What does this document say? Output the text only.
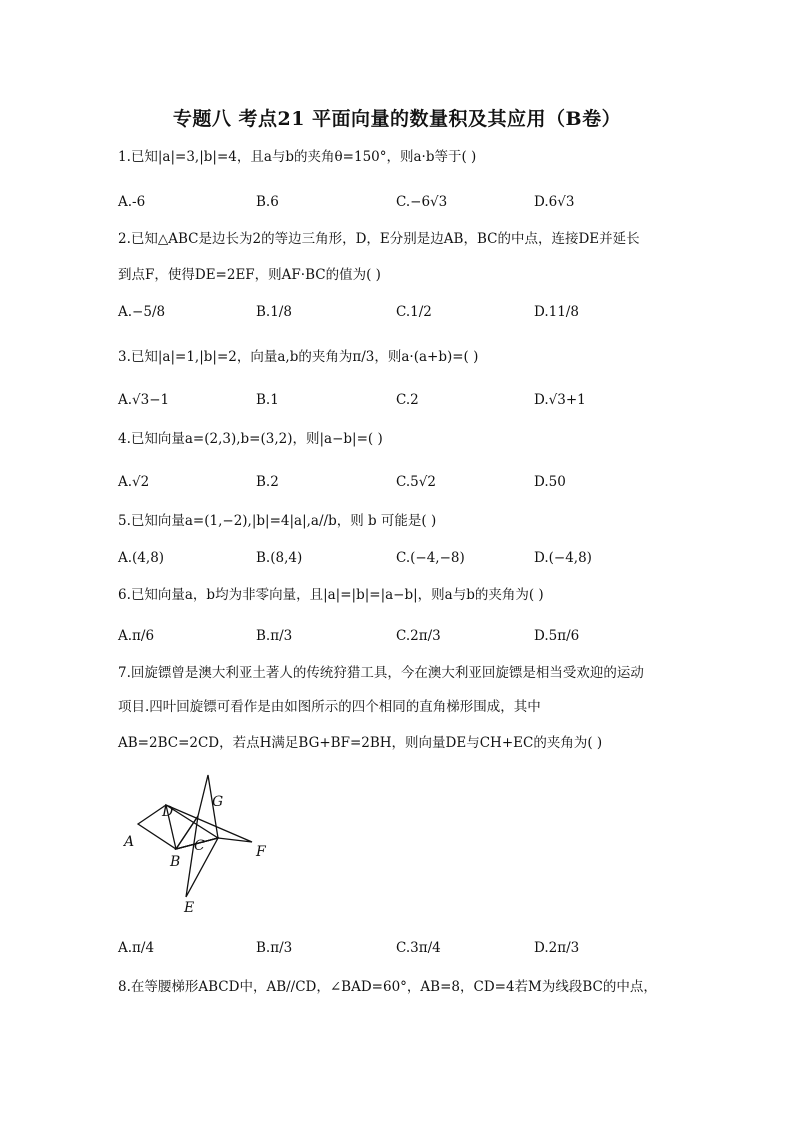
专题八 考点21 平面向量的数量积及其应用（B卷）
1.已知|a|=3,|b|=4，且a与b的夹角θ=150°，则a·b等于( )
A.-6	B.6	C.−6√3	D.6√3
2.已知△ABC是边长为2的等边三角形，D，E分别是边AB，BC的中点，连接DE并延长
到点F，使得DE=2EF，则AF·BC的值为( )
A.−5/8	B.1/8	C.1/2	D.11/8
3.已知|a|=1,|b|=2，向量a,b的夹角为π/3，则a·(a+b)=( )
A.√3−1	B.1	C.2	D.√3+1
4.已知向量a=(2,3),b=(3,2)，则|a−b|=( )
A.√2	B.2	C.5√2	D.50
5.已知向量a=(1,−2),|b|=4|a|,a//b，则 b 可能是( )
A.(4,8)	B.(8,4)	C.(−4,−8)	D.(−4,8)
6.已知向量a，b均为非零向量，且|a|=|b|=|a−b|，则a与b的夹角为( )
A.π/6	B.π/3	C.2π/3	D.5π/6
7.回旋镖曾是澳大利亚土著人的传统狩猎工具，今在澳大利亚回旋镖是相当受欢迎的运动
项目.四叶回旋镖可看作是由如图所示的四个相同的直角梯形围成，其中
AB=2BC=2CD，若点H满足BG+BF=2BH，则向量DE与CH+EC的夹角为( )
A
B
C
D
E
F
G
A.π/4	B.π/3	C.3π/4	D.2π/3
8.在等腰梯形ABCD中，AB//CD，∠BAD=60°，AB=8，CD=4若M为线段BC的中点，
